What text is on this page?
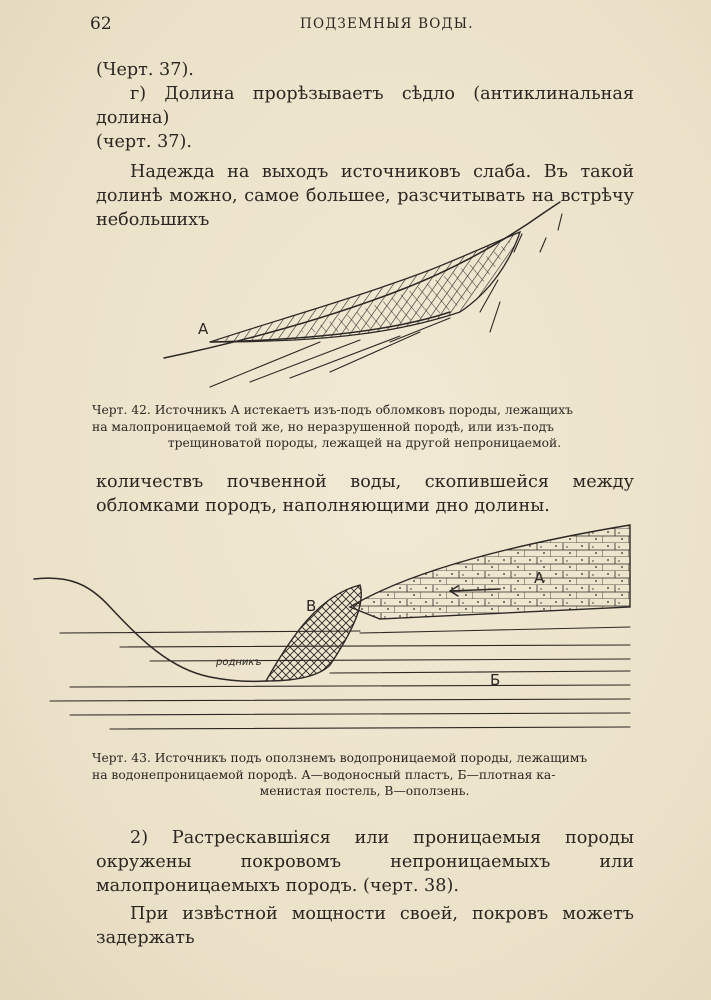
62	ПОДЗЕМНЫЯ ВОДЫ.

(Черт. 37).

г) Долина прорѣзываетъ сѣдло (антиклинальная долина)

(черт. 37).

Надежда на выходъ источниковъ слаба. Въ такой долинѣ можно, самое большее, разсчитывать на встрѣчу небольшихъ

A

Черт. 42. Источникъ А истекаетъ изъ-подъ обломковъ породы, лежащихъ

на малопроницаемой той же, но неразрушенной породѣ, или изъ-подъ

трещиноватой породы, лежащей на другой непроницаемой.

количествъ почвенной воды, скопившейся между обломками породъ, наполняющими дно долины.

В
А
Б
родникъ

Черт. 43. Источникъ подъ оползнемъ водопроницаемой породы, лежащимъ

на водонепроницаемой породѣ. А—водоносный пластъ, Б—плотная ка-

менистая постель, В—оползень.

2) Растрескавшіяся или проницаемыя породы окружены покровомъ непроницаемыхъ или малопроницаемыхъ породъ. (черт. 38).

При извѣстной мощности своей, покровъ можетъ задержать
